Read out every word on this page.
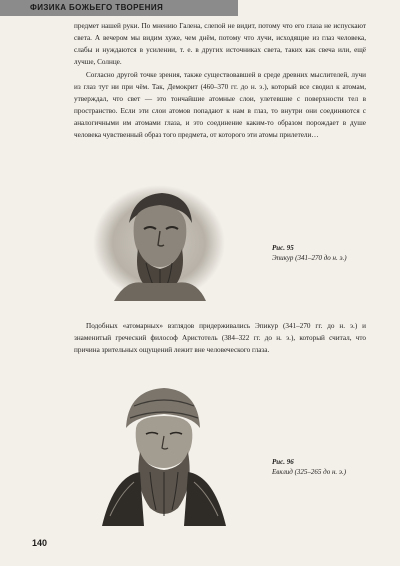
ФИЗИКА БОЖЬЕГО ТВОРЕНИЯ

предмет нашей руки. По мнению Галена, слепой не видит, потому что его глаза не испускают света. А вечером мы видим хуже, чем днём, потому что лучи, исходящие из глаз человека, слабы и нуждаются в усилении, т. е. в других источниках света, таких как свеча или, ещё лучше, Солнце.

Согласно другой точке зрения, также существовавшей в среде древних мыслителей, лучи из глаз тут ни при чём. Так, Демокрит (460–370 гг. до н. э.), который все сводил к атомам, утверждал, что свет — это тончайшие атомные слои, улетевшие с поверхности тел в пространство. Если эти слои атомов попадают к нам в глаз, то внутри они соединяются с аналогичными им атомами глаза, и это соединение каким-то образом порождает в душе человека чувственный образ того предмета, от которого эти атомы прилетели…

Рис. 95
Эпикур (341–270 до н. э.)

Подобных «атомарных» взглядов придерживались Эпикур (341–270 гг. до н. э.) и знаменитый греческий философ Аристотель (384–322 гг. до н. э.), который считал, что причина зрительных ощущений лежит вне человеческого глаза.

Рис. 96
Евклид (325–265 до н. э.)
140
